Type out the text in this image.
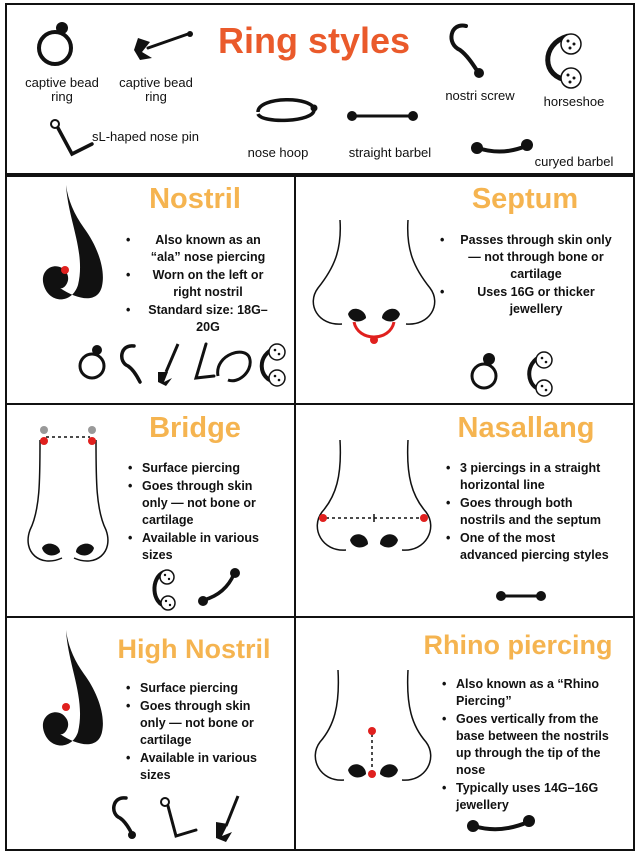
Ring styles
captive bead
ring
captive bead
ring
sL-haped nose pin
nose hoop	straight barbel
nostri screw	horseshoe
curyed barbel
Nostril
• Also known as an “ala” nose piercing
• Worn on the left or right nostril
• Standard size: 18G– 20G
Septum
• Passes through skin only — not through bone or cartilage
• Uses 16G or thicker jewellery
Bridge
• Surface piercing
• Goes through skin only — not bone or cartilage
• Available in various sizes
Nasallang
• 3 piercings in a straight horizontal line
• Goes through both nostrils and the septum
• One of the most advanced piercing styles
High Nostril
• Surface piercing
• Goes through skin only — not bone or cartilage
• Available in various sizes
Rhino piercing
• Also known as a “Rhino Piercing”
• Goes vertically from the base between the nostrils up through the tip of the nose
• Typically uses 14G–16G jewellery
